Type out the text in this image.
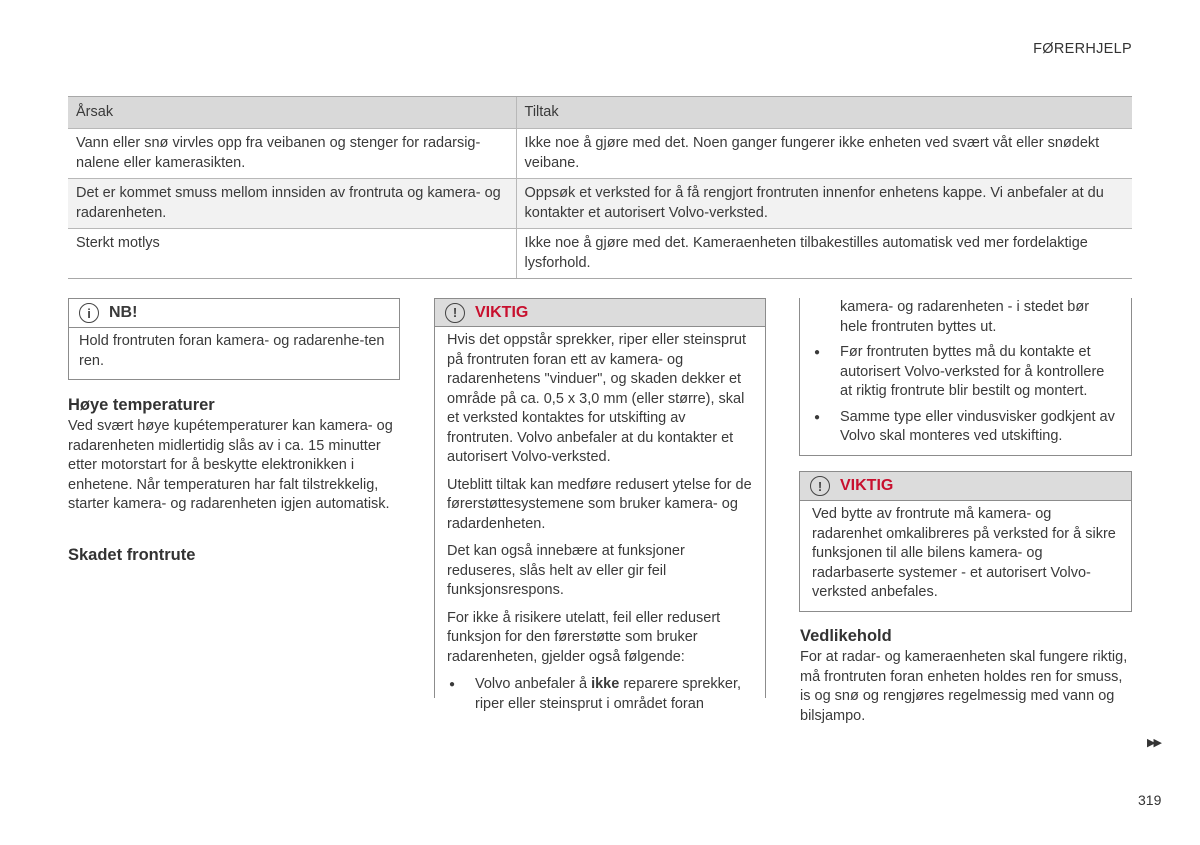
FØRERHJELP
Årsak	Tiltak
Vann eller snø virvles opp fra veibanen og stenger for radarsig-nalene eller kamerasikten.	Ikke noe å gjøre med det. Noen ganger fungerer ikke enheten ved svært våt eller snødekt veibane.
Det er kommet smuss mellom innsiden av frontruta og kamera- og radarenheten.	Oppsøk et verksted for å få rengjort frontruten innenfor enhetens kappe. Vi anbefaler at du kontakter et autorisert Volvo-verksted.
Sterkt motlys	Ikke noe å gjøre med det. Kameraenheten tilbakestilles automatisk ved mer fordelaktige lysforhold.
i	NB!
Hold frontruten foran kamera- og radarenhe-ten ren.
Høye temperaturer
Ved svært høye kupétemperaturer kan kamera- og radarenheten midlertidig slås av i ca. 15 minutter etter motorstart for å beskytte elektronikken i enhetene. Når temperaturen har falt tilstrekkelig, starter kamera- og radarenheten igjen automatisk.
Skadet frontrute
!	VIKTIG
Hvis det oppstår sprekker, riper eller steinsprut på frontruten foran ett av kamera- og radarenhetens "vinduer", og skaden dekker et område på ca. 0,5 x 3,0 mm (eller større), skal et verksted kontaktes for utskifting av frontruten. Volvo anbefaler at du kontakter et autorisert Volvo-verksted.
Uteblitt tiltak kan medføre redusert ytelse for de førerstøttesystemene som bruker kamera- og radardenheten.
Det kan også innebære at funksjoner reduseres, slås helt av eller gir feil funksjonsrespons.
For ikke å risikere utelatt, feil eller redusert funksjon for den førerstøtte som bruker radarenheten, gjelder også følgende:
● Volvo anbefaler å ikke reparere sprekker, riper eller steinsprut i området foran
kamera- og radarenheten - i stedet bør hele frontruten byttes ut.
● Før frontruten byttes må du kontakte et autorisert Volvo-verksted for å kontrollere at riktig frontrute blir bestilt og montert.
● Samme type eller vindusvisker godkjent av Volvo skal monteres ved utskifting.
!	VIKTIG
Ved bytte av frontrute må kamera- og radarenhet omkalibreres på verksted for å sikre funksjonen til alle bilens kamera- og radarbaserte systemer - et autorisert Volvo-verksted anbefales.
Vedlikehold
For at radar- og kameraenheten skal fungere riktig, må frontruten foran enheten holdes ren for smuss, is og snø og rengjøres regelmessig med vann og bilsjampo.
▶▶
319
